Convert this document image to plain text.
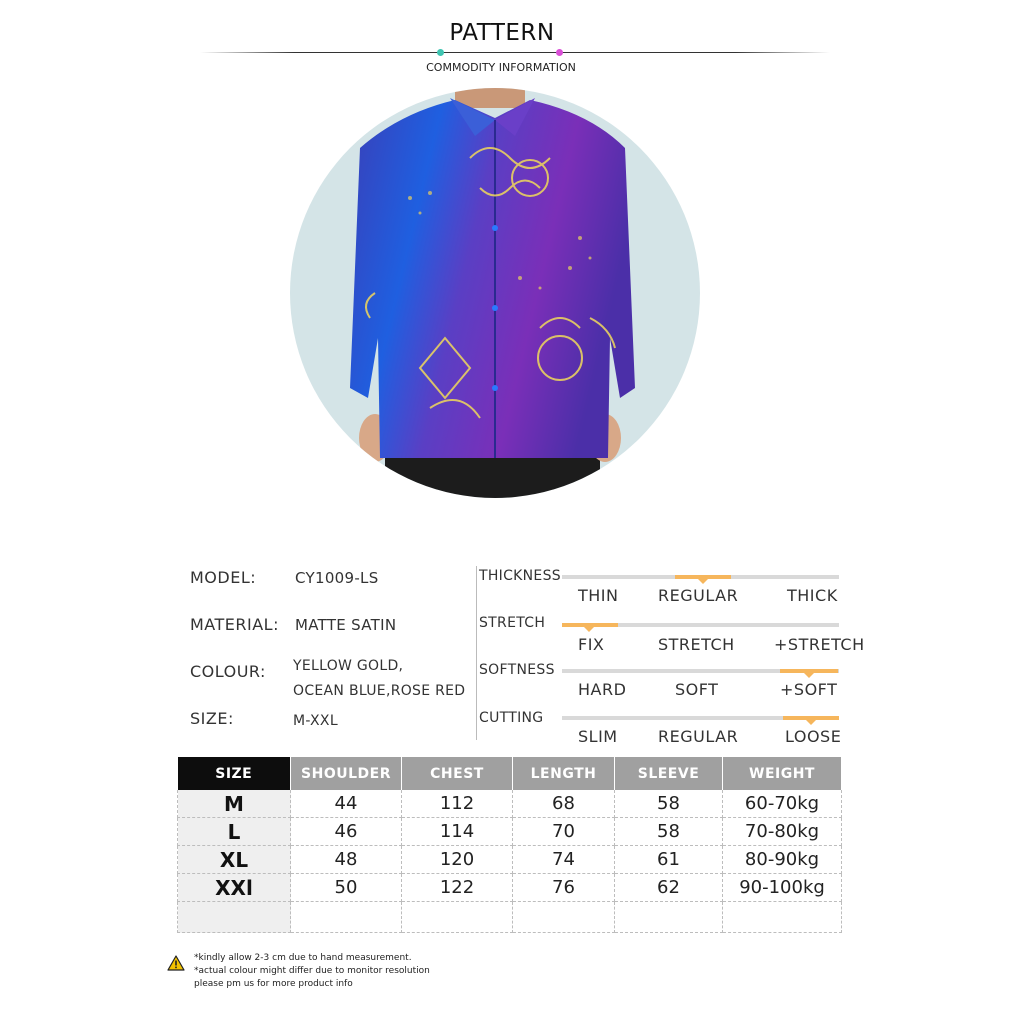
PATTERN
COMMODITY INFORMATION
MODEL:	CY1009-LS
MATERIAL: MATTE SATIN
COLOUR: YELLOW GOLD,
OCEAN BLUE,ROSE RED
SIZE:	M-XXL
THICKNESS
THIN REGULAR	THICK
STRETCH
FIX	STRETCH +STRETCH
SOFTNESS
HARD	SOFT	+SOFT
CUTTING
SLIM	REGULAR	LOOSE
SIZE	SHOULDER	CHEST	LENGTH	SLEEVE	WEIGHT
M	44	112	68	58	60-70kg
L	46	114	70	58	70-80kg
XL	48	120	74	61	80-90kg
XXl	50	122	76	62	90-100kg

*kindly allow 2-3 cm due to hand measurement.
*actual colour might differ due to monitor resolution
please pm us for more product info
